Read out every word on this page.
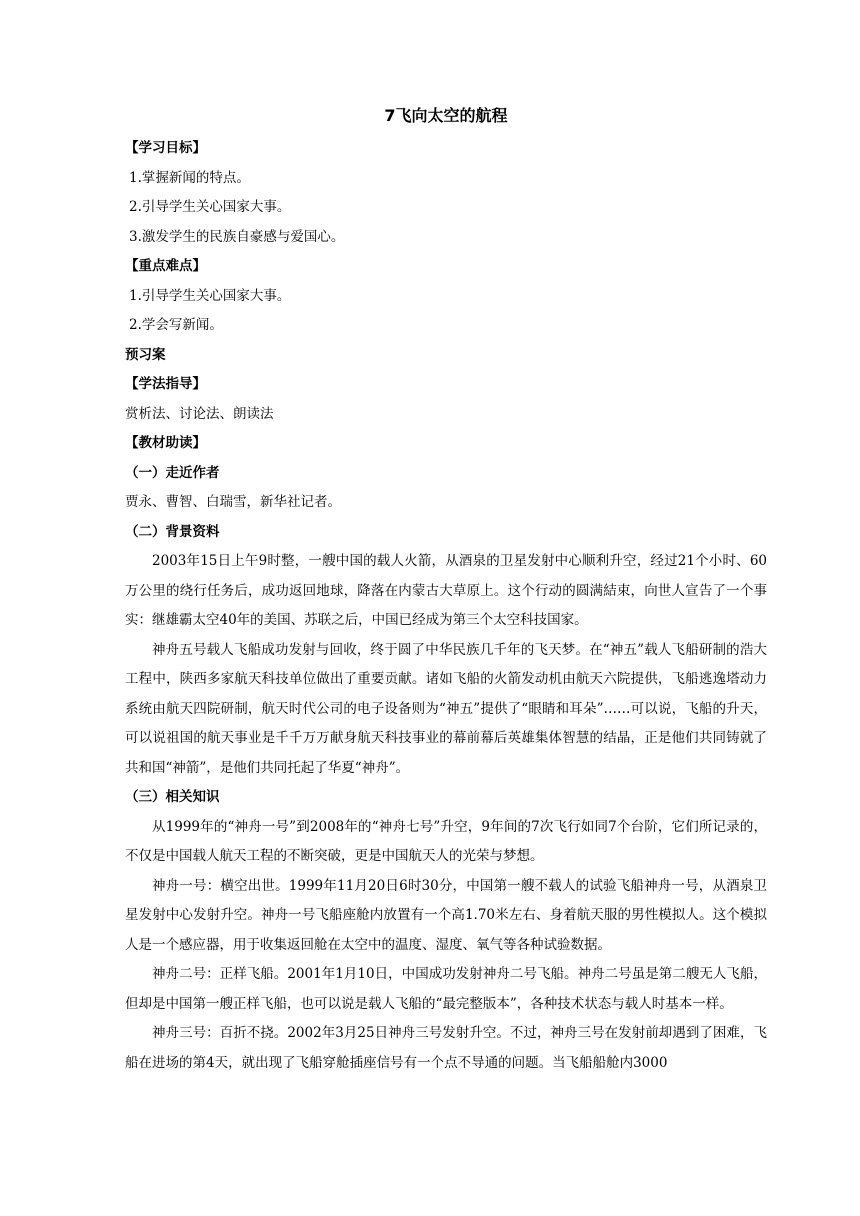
7飞向太空的航程

【学习目标】

1.掌握新闻的特点。

2.引导学生关心国家大事。

3.激发学生的民族自豪感与爱国心。

【重点难点】

1.引导学生关心国家大事。

2.学会写新闻。

预习案

【学法指导】

赏析法、讨论法、朗读法

【教材助读】

（一）走近作者

贾永、曹智、白瑞雪，新华社记者。

（二）背景资料

2003年15日上午9时整，一艘中国的载人火箭，从酒泉的卫星发射中心顺利升空，经过21个小时、60万公里的绕行任务后，成功返回地球，降落在内蒙古大草原上。这个行动的圆满結束，向世人宣告了一个事实：继雄霸太空40年的美国、苏联之后，中国已经成为第三个太空科技国家。

神舟五号载人飞船成功发射与回收，终于圆了中华民族几千年的飞天梦。在“神五”载人飞船研制的浩大工程中，陕西多家航天科技单位做出了重要贡献。诸如飞船的火箭发动机由航天六院提供，飞船逃逸塔动力系统由航天四院研制，航天时代公司的电子设备则为“神五”提供了“眼睛和耳朵”……可以说，飞船的升天，可以说祖国的航天事业是千千万万献身航天科技事业的幕前幕后英雄集体智慧的结晶，正是他们共同铸就了共和国“神箭”，是他们共同托起了华夏“神舟”。

（三）相关知识

从1999年的“神舟一号”到2008年的“神舟七号”升空，9年间的7次飞行如同7个台阶，它们所记录的，不仅是中国载人航天工程的不断突破，更是中国航天人的光荣与梦想。

神舟一号：横空出世。1999年11月20日6时30分，中国第一艘不载人的试验飞船神舟一号，从酒泉卫星发射中心发射升空。神舟一号飞船座舱内放置有一个高1.70米左右、身着航天服的男性模拟人。这个模拟人是一个感应器，用于收集返回舱在太空中的温度、湿度、氧气等各种试验数据。

神舟二号：正样飞船。2001年1月10日，中国成功发射神舟二号飞船。神舟二号虽是第二艘无人飞船，但却是中国第一艘正样飞船，也可以说是载人飞船的“最完整版本”，各种技术状态与载人时基本一样。

神舟三号：百折不挠。2002年3月25日神舟三号发射升空。不过，神舟三号在发射前却遇到了困难，飞船在进场的第4天，就出现了飞船穿舱插座信号有一个点不导通的问题。当飞船船舱内3000
